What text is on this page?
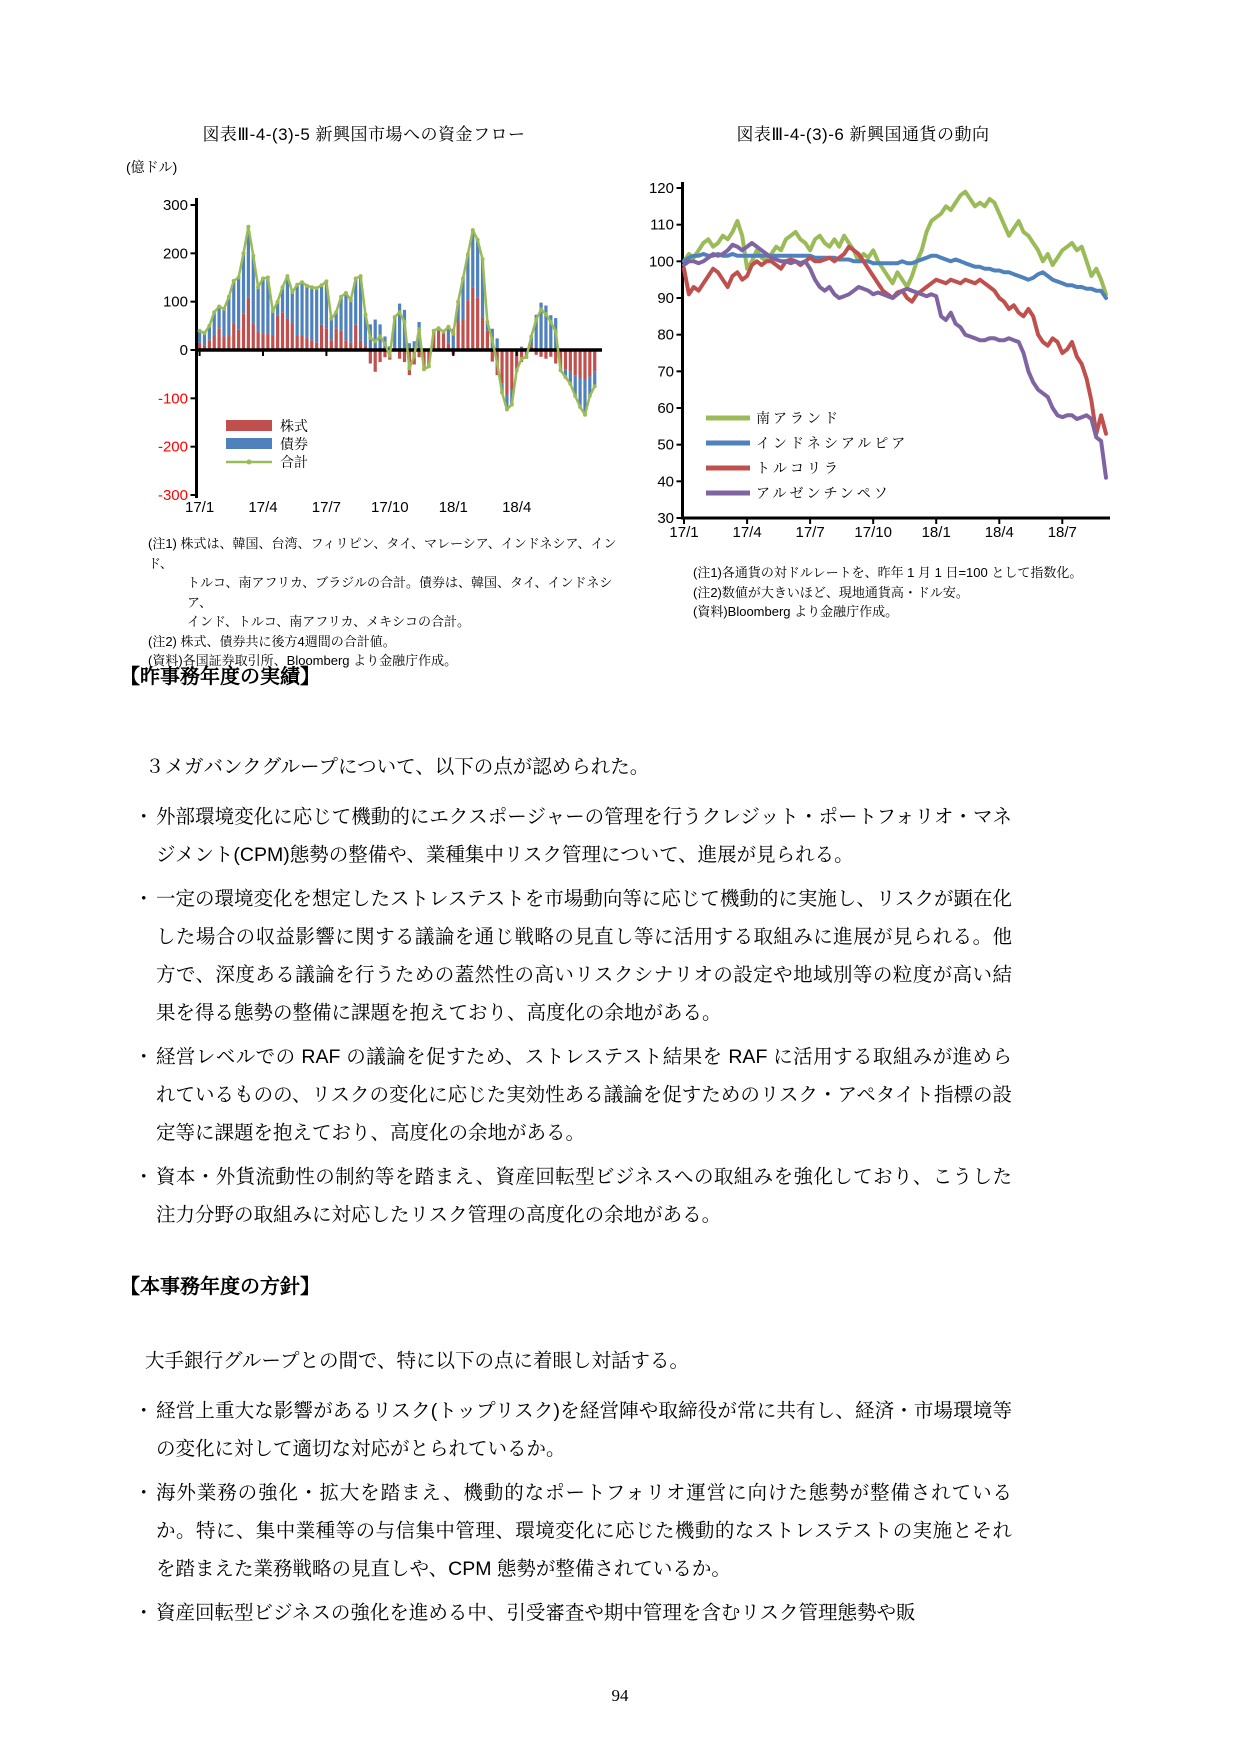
図表Ⅲ-4-(3)-5 新興国市場への資金フロー	図表Ⅲ-4-(3)-6 新興国通貨の動向
300
200
100
0
-100
-200
-300
17/1 17/4 17/7 17/10 18/1 18/4
(億ドル)
株式
債券
合計
120
110
100
90
80
70
60
50
40
30
17/1 17/4 17/7 17/10 18/1 18/4 18/7
南アランド
インドネシアルピア
トルコリラ
アルゼンチンペソ
(注1) 株式は、韓国、台湾、フィリピン、タイ、マレーシア、インドネシア、インド、
トルコ、南アフリカ、ブラジルの合計。債券は、韓国、タイ、インドネシア、
インド、トルコ、南アフリカ、メキシコの合計。
(注2) 株式、債券共に後方4週間の合計値。
(資料)各国証券取引所、Bloomberg より金融庁作成。
(注1)各通貨の対ドルレートを、昨年 1 月 1 日=100 として指数化。
(注2)数値が大きいほど、現地通貨高・ドル安。
(資料)Bloomberg より金融庁作成。
【昨事務年度の実績】

３メガバンクグループについて、以下の点が認められた。

・ 外部環境変化に応じて機動的にエクスポージャーの管理を行うクレジット・ポートフォリオ・マネジメント(CPM)態勢の整備や、業種集中リスク管理について、進展が見られる。

・ 一定の環境変化を想定したストレステストを市場動向等に応じて機動的に実施し、リスクが顕在化した場合の収益影響に関する議論を通じ戦略の見直し等に活用する取組みに進展が見られる。他方で、深度ある議論を行うための蓋然性の高いリスクシナリオの設定や地域別等の粒度が高い結果を得る態勢の整備に課題を抱えており、高度化の余地がある。

・ 経営レベルでの RAF の議論を促すため、ストレステスト結果を RAF に活用する取組みが進められているものの、リスクの変化に応じた実効性ある議論を促すためのリスク・アペタイト指標の設定等に課題を抱えており、高度化の余地がある。

・ 資本・外貨流動性の制約等を踏まえ、資産回転型ビジネスへの取組みを強化しており、こうした注力分野の取組みに対応したリスク管理の高度化の余地がある。

【本事務年度の方針】

大手銀行グループとの間で、特に以下の点に着眼し対話する。

・ 経営上重大な影響があるリスク(トップリスク)を経営陣や取締役が常に共有し、経済・市場環境等の変化に対して適切な対応がとられているか。

・ 海外業務の強化・拡大を踏まえ、機動的なポートフォリオ運営に向けた態勢が整備されているか。特に、集中業種等の与信集中管理、環境変化に応じた機動的なストレステストの実施とそれを踏まえた業務戦略の見直しや、CPM 態勢が整備されているか。

・ 資産回転型ビジネスの強化を進める中、引受審査や期中管理を含むリスク管理態勢や販

94
